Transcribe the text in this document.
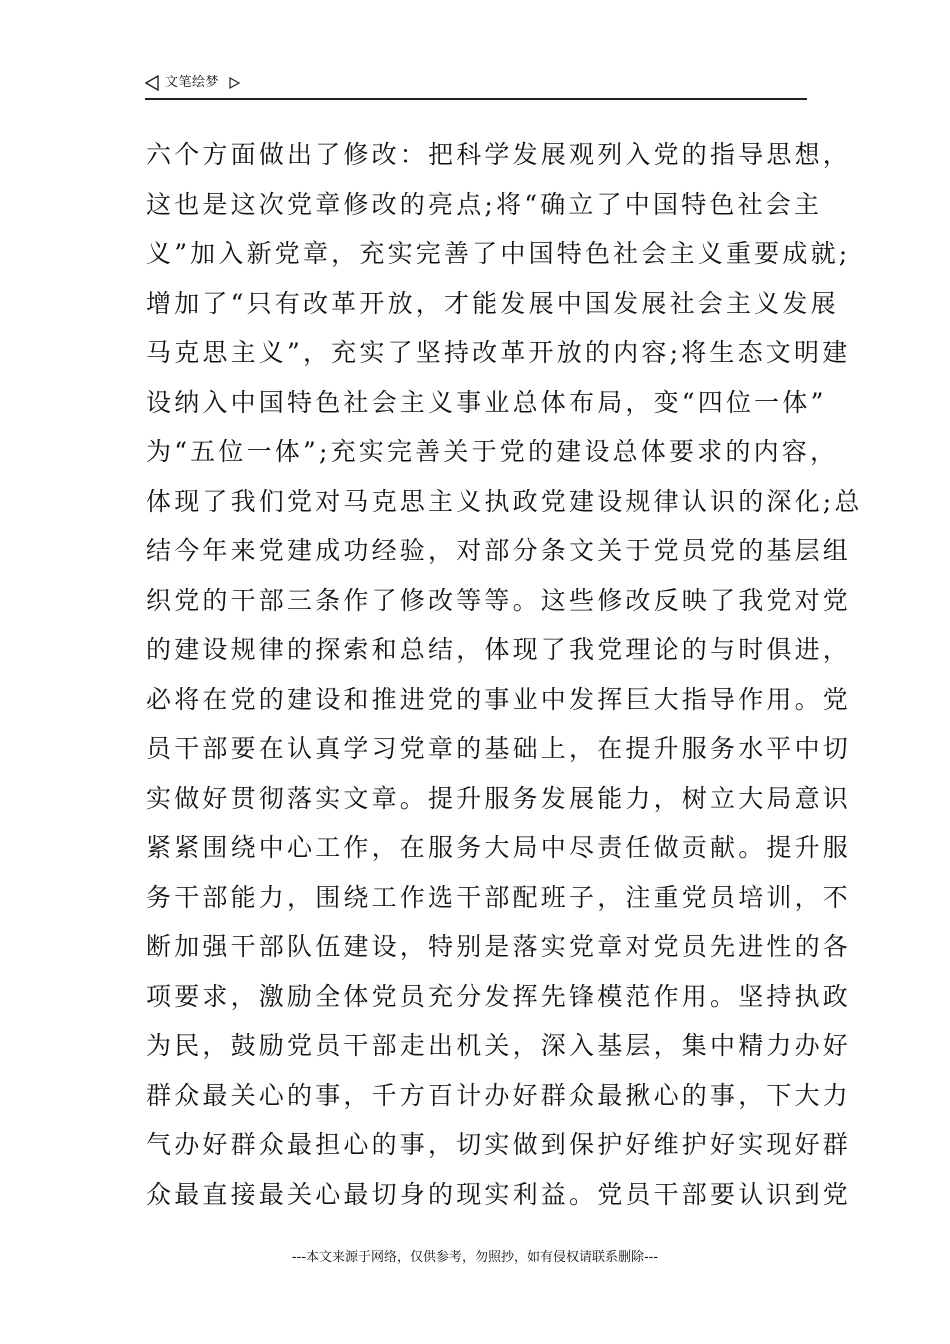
文笔绘梦
六个方面做出了修改：把科学发展观列入党的指导思想，
这也是这次党章修改的亮点;将“确立了中国特色社会主
义”加入新党章，充实完善了中国特色社会主义重要成就;
增加了“只有改革开放，才能发展中国发展社会主义发展
马克思主义”，充实了坚持改革开放的内容;将生态文明建
设纳入中国特色社会主义事业总体布局，变“四位一体”
为“五位一体”;充实完善关于党的建设总体要求的内容，
体现了我们党对马克思主义执政党建设规律认识的深化;总
结今年来党建成功经验，对部分条文关于党员党的基层组
织党的干部三条作了修改等等。这些修改反映了我党对党
的建设规律的探索和总结，体现了我党理论的与时俱进，
必将在党的建设和推进党的事业中发挥巨大指导作用。党
员干部要在认真学习党章的基础上，在提升服务水平中切
实做好贯彻落实文章。提升服务发展能力，树立大局意识
紧紧围绕中心工作，在服务大局中尽责任做贡献。提升服
务干部能力，围绕工作选干部配班子，注重党员培训，不
断加强干部队伍建设，特别是落实党章对党员先进性的各
项要求，激励全体党员充分发挥先锋模范作用。坚持执政
为民，鼓励党员干部走出机关，深入基层，集中精力办好
群众最关心的事，千方百计办好群众最揪心的事，下大力
气办好群众最担心的事，切实做到保护好维护好实现好群
众最直接最关心最切身的现实利益。党员干部要认识到党
---本文来源于网络，仅供参考，勿照抄，如有侵权请联系删除---
